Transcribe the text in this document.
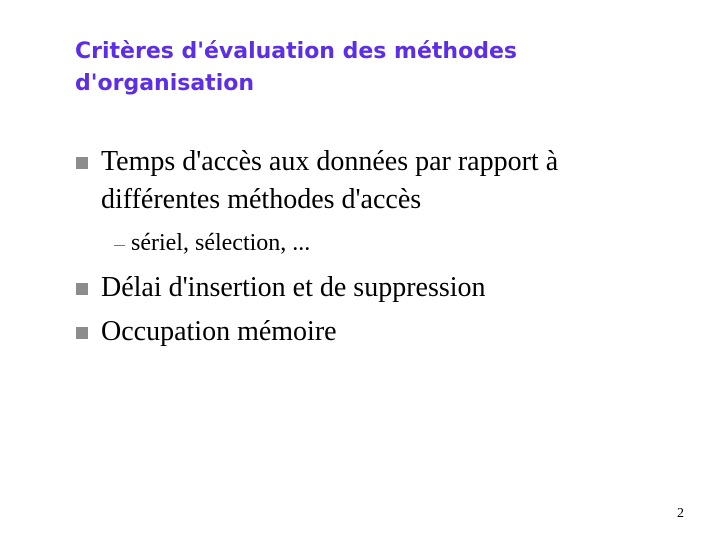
Critères d'évaluation des méthodes d'organisation
Temps d'accès aux données par rapport à
différentes méthodes d'accès
sériel, sélection, ...
Délai d'insertion et de suppression
Occupation mémoire
2
